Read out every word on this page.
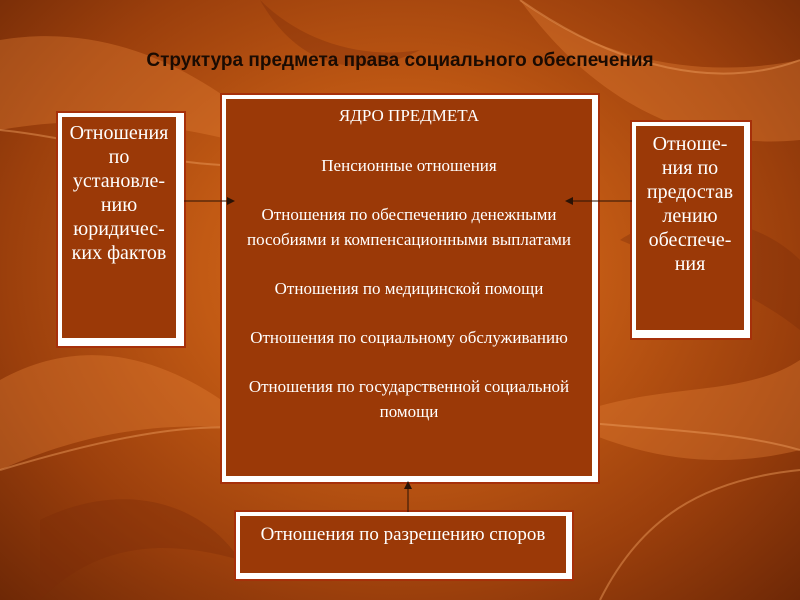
Структура предмета права социального обеспечения
Отношения
по
установле-
нию
юридичес-
ких фактов
ЯДРО ПРЕДМЕТА
Пенсионные отношения
Отношения по обеспечению денежными пособиями и компенсационными выплатами
Отношения по медицинской помощи
Отношения по социальному обслуживанию
Отношения по государственной социальной помощи
Отноше-
ния по
предостав
лению
обеспече-
ния
Отношения по разрешению споров
